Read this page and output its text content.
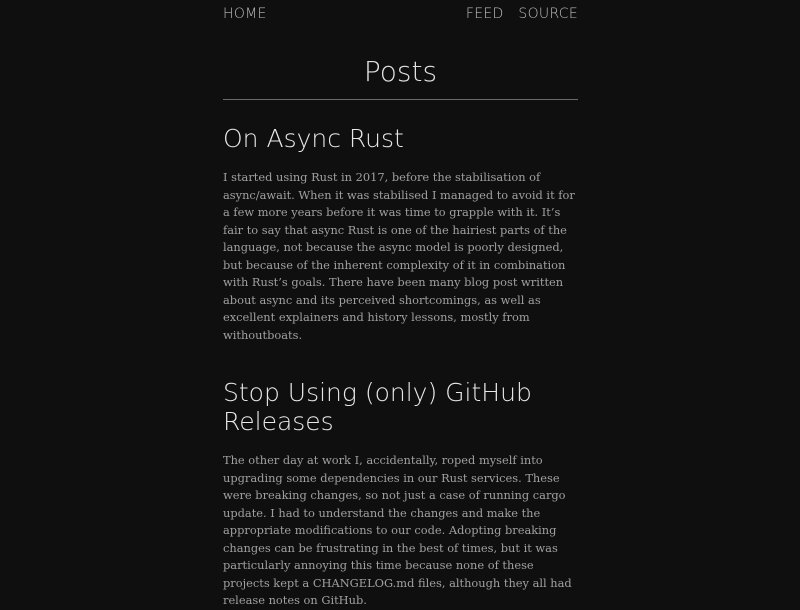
HOME	FEED SOURCE
Posts
On Async Rust

I started using Rust in 2017, before the stabilisation of async/await. When it was stabilised I managed to avoid it for a few more years before it was time to grapple with it. It’s fair to say that async Rust is one of the hairiest parts of the language, not because the async model is poorly designed, but because of the inherent complexity of it in combination with Rust’s goals. There have been many blog post written about async and its perceived shortcomings, as well as excellent explainers and history lessons, mostly from withoutboats.

Stop Using (only) GitHub Releases

The other day at work I, accidentally, roped myself into upgrading some dependencies in our Rust services. These were breaking changes, so not just a case of running cargo update. I had to understand the changes and make the appropriate modifications to our code. Adopting breaking changes can be frustrating in the best of times, but it was particularly annoying this time because none of these projects kept a CHANGELOG.md files, although they all had release notes on GitHub.
